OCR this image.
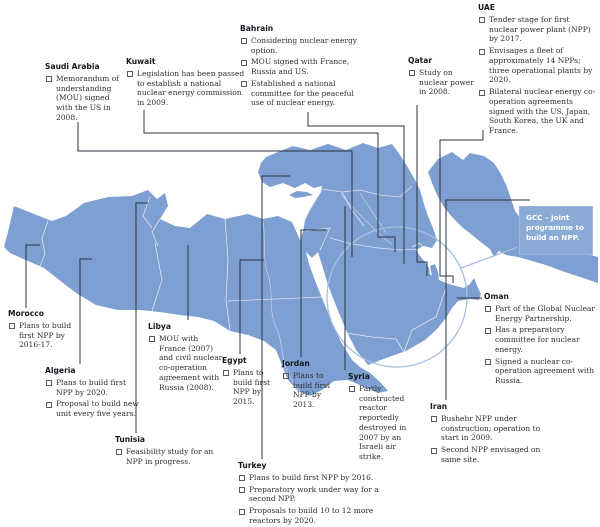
GCC – joint programme to build an NPP.
Saudi Arabia
Memorandum of understanding (MOU) signed with the US in 2008.
Kuwait
Legislation has been passed to establish a national nuclear energy commission in 2009.
Bahrain
Considering nuclear energy option.
MOU signed with France, Russia and US.
Established a national committee for the peaceful use of nuclear energy.
Qatar
Study on nuclear power in 2008.
UAE
Tender stage for first nuclear power plant (NPP) by 2017.
Envisages a fleet of approximately 14 NPPs; three operational plants by 2020.
Bilateral nuclear energy co-operation agreements signed with the US, Japan, South Korea, the UK and France.
Morocco
Plans to build first NPP by 2016-17.
Algeria
Plans to build first NPP by 2020.
Proposal to build new unit every five years.
Tunisia
Feasibility study for an NPP in progress.
Libya
MOU with France (2007) and civil nuclear co-operation agreement with Russia (2008).
Egypt
Plans to build first NPP by 2015.
Jordan
Plans to build first NPP by 2013.
Syria
Partly constructed reactor reportedly destroyed in 2007 by an Israeli air strike.
Turkey
Plans to build first NPP by 2016.
Preparatory work under way for a second NPP.
Proposals to build 10 to 12 more reactors by 2020.
Iran
Bushehr NPP under construction; operation to start in 2009.
Second NPP envisaged on same site.
Oman
Part of the Global Nuclear Energy Partnership.
Has a preparatory committee for nuclear energy.
Signed a nuclear co-operation agreement with Russia.
